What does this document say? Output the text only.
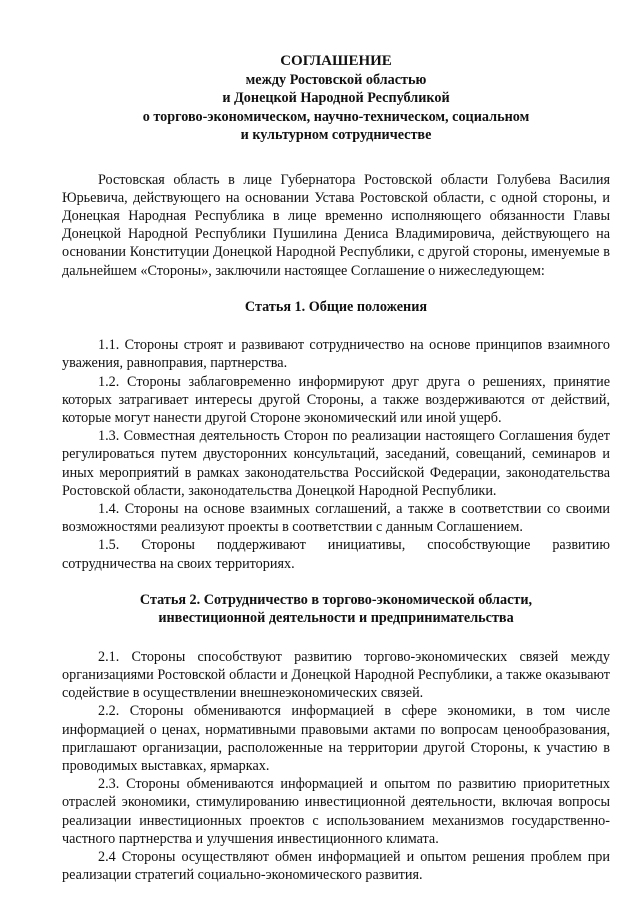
СОГЛАШЕНИЕ
между Ростовской областью
и Донецкой Народной Республикой
о торгово-экономическом, научно-техническом, социальном
и культурном сотрудничестве

Ростовская область в лице Губернатора Ростовской области Голубева Василия Юрьевича, действующего на основании Устава Ростовской области, с одной стороны, и Донецкая Народная Республика в лице временно исполняющего обязанности Главы Донецкой Народной Республики Пушилина Дениса Владимировича, действующего на основании Конституции Донецкой Народной Республики, с другой стороны, именуемые в дальнейшем «Стороны», заключили настоящее Соглашение о нижеследующем:

Статья 1. Общие положения

1.1. Стороны строят и развивают сотрудничество на основе принципов взаимного уважения, равноправия, партнерства.

1.2. Стороны заблаговременно информируют друг друга о решениях, принятие которых затрагивает интересы другой Стороны, а также воздерживаются от действий, которые могут нанести другой Стороне экономический или иной ущерб.

1.3. Совместная деятельность Сторон по реализации настоящего Соглашения будет регулироваться путем двусторонних консультаций, заседаний, совещаний, семинаров и иных мероприятий в рамках законодательства Российской Федерации, законодательства Ростовской области, законодательства Донецкой Народной Республики.

1.4. Стороны на основе взаимных соглашений, а также в соответствии со своими возможностями реализуют проекты в соответствии с данным Соглашением.

1.5. Стороны поддерживают инициативы, способствующие развитию сотрудничества на своих территориях.

Статья 2. Сотрудничество в торгово-экономической области,
инвестиционной деятельности и предпринимательства

2.1. Стороны способствуют развитию торгово-экономических связей между организациями Ростовской области и Донецкой Народной Республики, а также оказывают содействие в осуществлении внешнеэкономических связей.

2.2. Стороны обмениваются информацией в сфере экономики, в том числе информацией о ценах, нормативными правовыми актами по вопросам ценообразования, приглашают организации, расположенные на территории другой Стороны, к участию в проводимых выставках, ярмарках.

2.3. Стороны обмениваются информацией и опытом по развитию приоритетных отраслей экономики, стимулированию инвестиционной деятельности, включая вопросы реализации инвестиционных проектов с использованием механизмов государственно-частного партнерства и улучшения инвестиционного климата.

2.4 Стороны осуществляют обмен информацией и опытом решения проблем при реализации стратегий социально-экономического развития.
